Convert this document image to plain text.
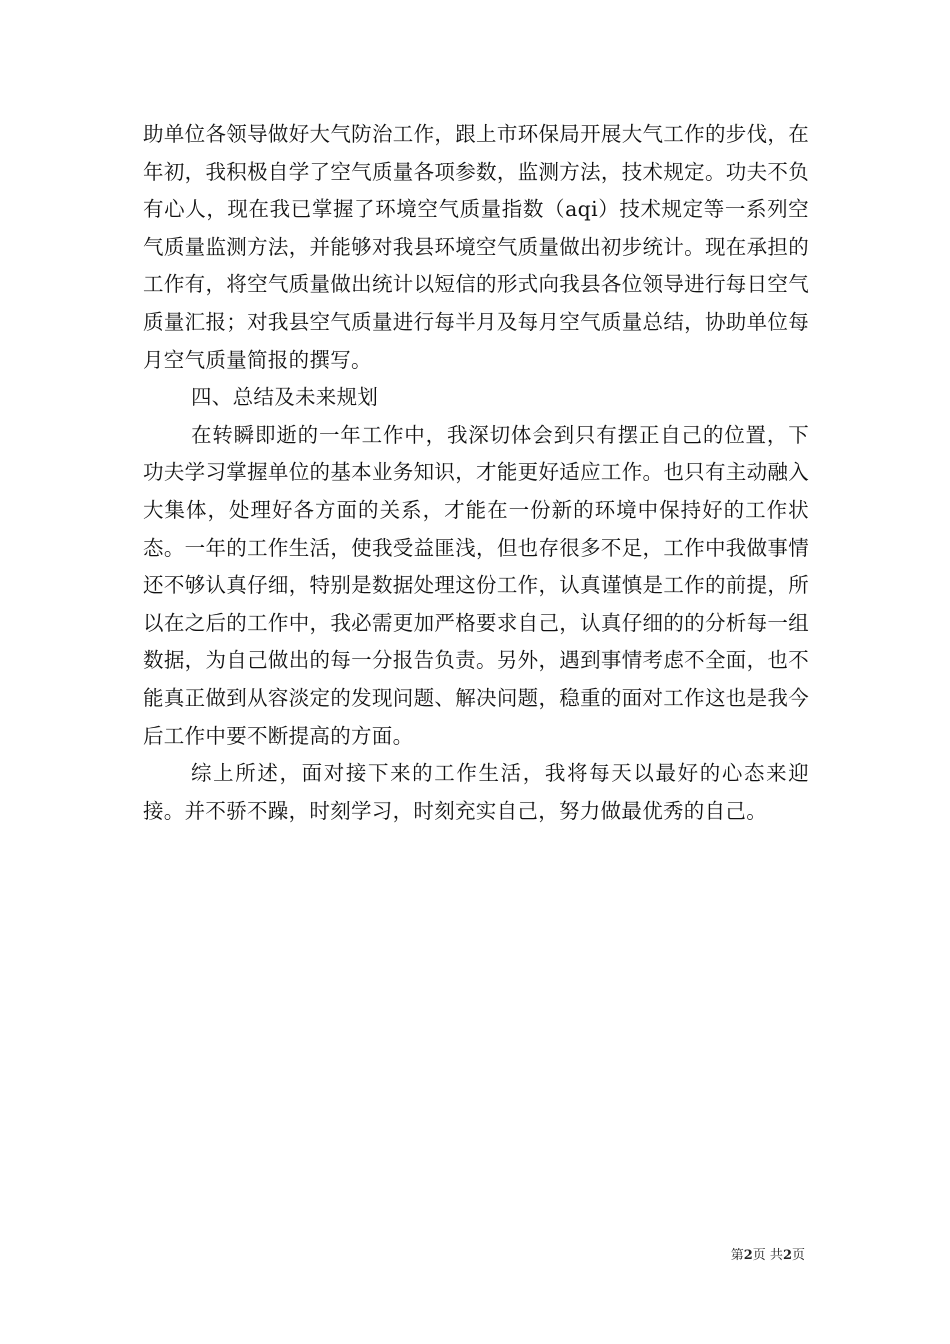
助单位各领导做好大气防治工作，跟上市环保局开展大气工作的步伐，在年初，我积极自学了空气质量各项参数，监测方法，技术规定。功夫不负有心人，现在我已掌握了环境空气质量指数（aqi）技术规定等一系列空气质量监测方法，并能够对我县环境空气质量做出初步统计。现在承担的工作有，将空气质量做出统计以短信的形式向我县各位领导进行每日空气质量汇报；对我县空气质量进行每半月及每月空气质量总结，协助单位每月空气质量简报的撰写。

四、总结及未来规划

在转瞬即逝的一年工作中，我深切体会到只有摆正自己的位置，下功夫学习掌握单位的基本业务知识，才能更好适应工作。也只有主动融入大集体，处理好各方面的关系，才能在一份新的环境中保持好的工作状态。一年的工作生活，使我受益匪浅，但也存很多不足，工作中我做事情还不够认真仔细，特别是数据处理这份工作，认真谨慎是工作的前提，所以在之后的工作中，我必需更加严格要求自己，认真仔细的的分析每一组数据，为自己做出的每一分报告负责。另外，遇到事情考虑不全面，也不能真正做到从容淡定的发现问题、解决问题，稳重的面对工作这也是我今后工作中要不断提高的方面。

综上所述，面对接下来的工作生活，我将每天以最好的心态来迎接。并不骄不躁，时刻学习，时刻充实自己，努力做最优秀的自己。

第2页 共2页
